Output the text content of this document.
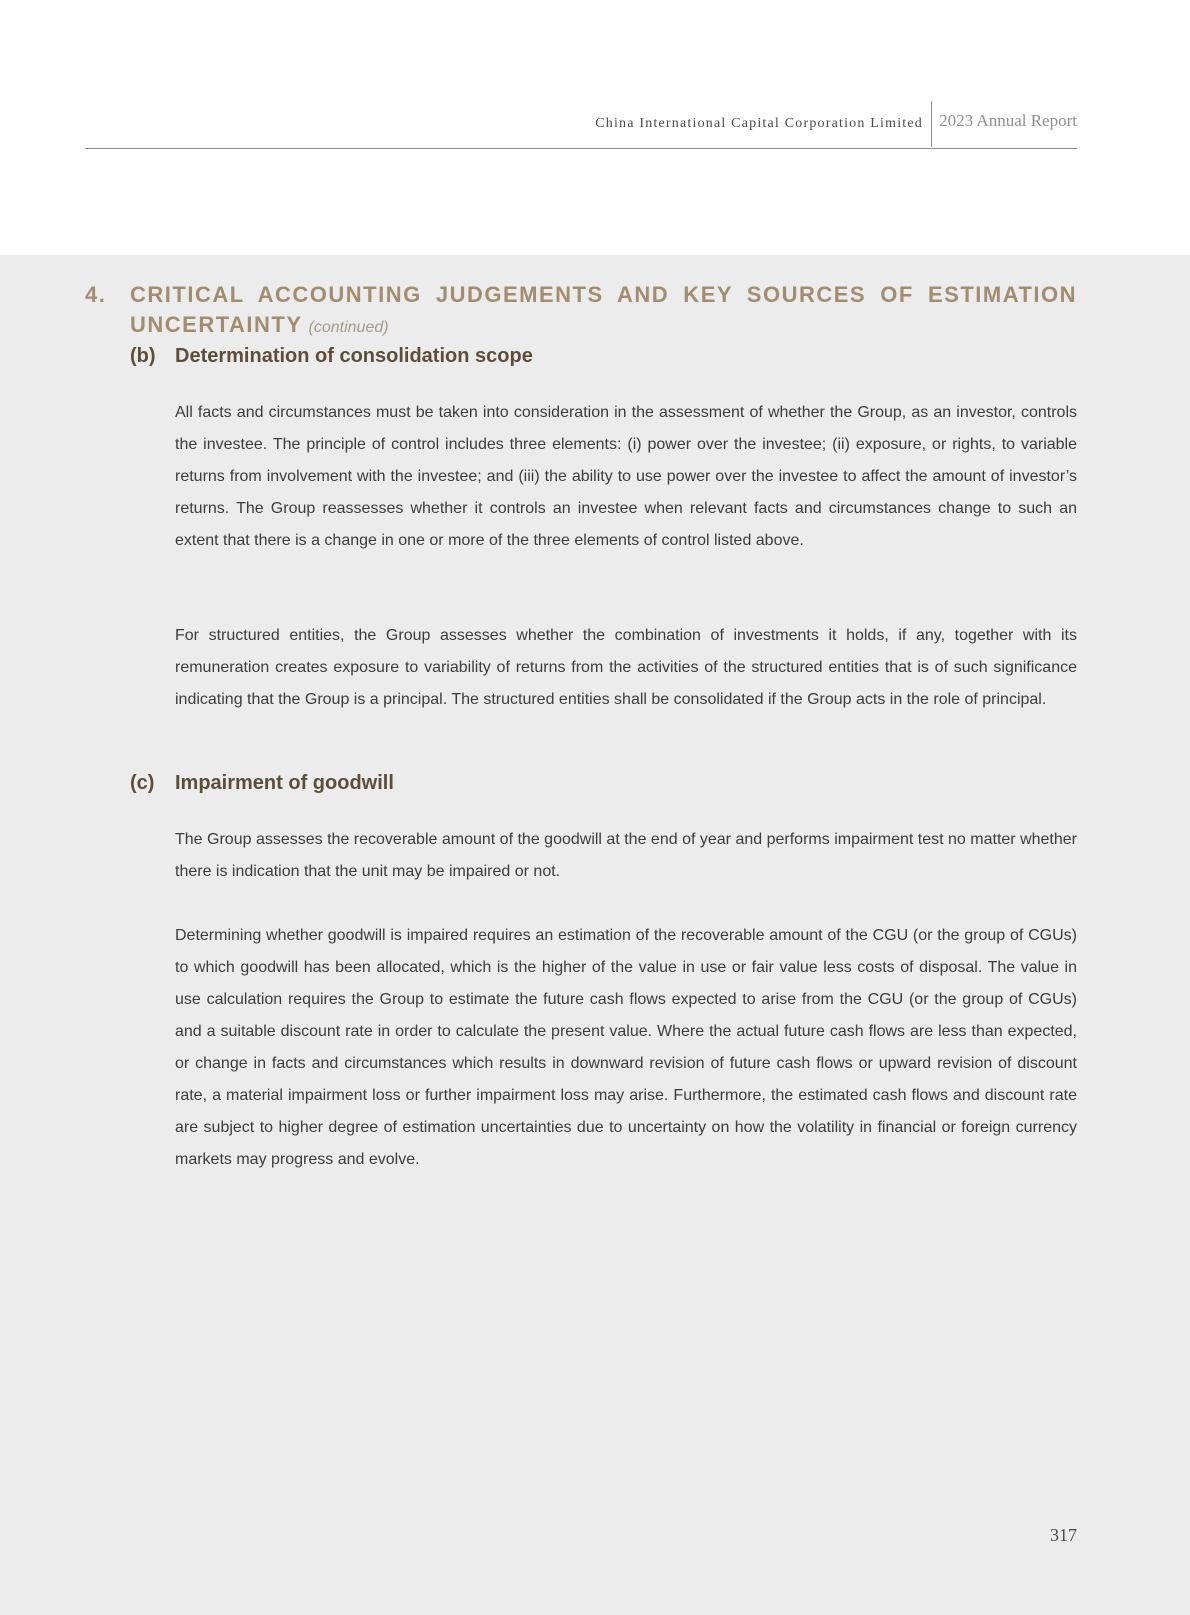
China International Capital Corporation Limited 2023 Annual Report
4. CRITICAL ACCOUNTING JUDGEMENTS AND KEY SOURCES OF ESTIMATION
UNCERTAINTY (continued)
(b) Determination of consolidation scope

All facts and circumstances must be taken into consideration in the assessment of whether the Group, as an investor, controls the investee. The principle of control includes three elements: (i) power over the investee; (ii) exposure, or rights, to variable returns from involvement with the investee; and (iii) the ability to use power over the investee to affect the amount of investor’s returns. The Group reassesses whether it controls an investee when relevant facts and circumstances change to such an extent that there is a change in one or more of the three elements of control listed above.

For structured entities, the Group assesses whether the combination of investments it holds, if any, together with its remuneration creates exposure to variability of returns from the activities of the structured entities that is of such significance indicating that the Group is a principal. The structured entities shall be consolidated if the Group acts in the role of principal.

(c) Impairment of goodwill

The Group assesses the recoverable amount of the goodwill at the end of year and performs impairment test no matter whether there is indication that the unit may be impaired or not.

Determining whether goodwill is impaired requires an estimation of the recoverable amount of the CGU (or the group of CGUs) to which goodwill has been allocated, which is the higher of the value in use or fair value less costs of disposal. The value in use calculation requires the Group to estimate the future cash flows expected to arise from the CGU (or the group of CGUs) and a suitable discount rate in order to calculate the present value. Where the actual future cash flows are less than expected, or change in facts and circumstances which results in downward revision of future cash flows or upward revision of discount rate, a material impairment loss or further impairment loss may arise. Furthermore, the estimated cash flows and discount rate are subject to higher degree of estimation uncertainties due to uncertainty on how the volatility in financial or foreign currency markets may progress and evolve.

317
